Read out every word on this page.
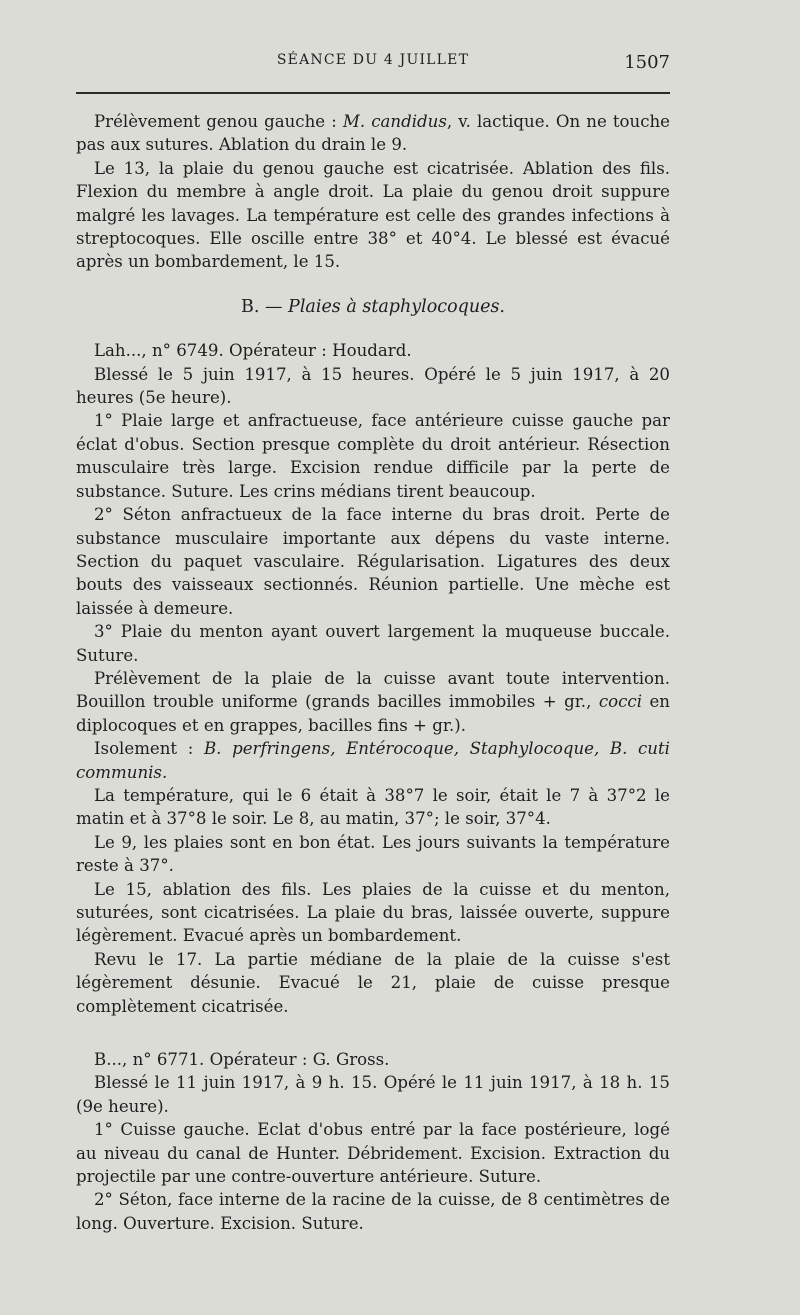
SÉANCE DU 4 JUILLET	1507

Prélèvement genou gauche : M. candidus, v. lactique. On ne touche pas aux sutures. Ablation du drain le 9.

Le 13, la plaie du genou gauche est cicatrisée. Ablation des fils. Flexion du membre à angle droit. La plaie du genou droit suppure malgré les lavages. La température est celle des grandes infections à streptocoques. Elle oscille entre 38° et 40°4. Le blessé est évacué après un bombardement, le 15.

B. — Plaies à staphylocoques.

Lah..., n° 6749. Opérateur : Houdard.

Blessé le 5 juin 1917, à 15 heures. Opéré le 5 juin 1917, à 20 heures (5e heure).

1° Plaie large et anfractueuse, face antérieure cuisse gauche par éclat d'obus. Section presque complète du droit antérieur. Résection musculaire très large. Excision rendue difficile par la perte de substance. Suture. Les crins médians tirent beaucoup.

2° Séton anfractueux de la face interne du bras droit. Perte de substance musculaire importante aux dépens du vaste interne. Section du paquet vasculaire. Régularisation. Ligatures des deux bouts des vaisseaux sectionnés. Réunion partielle. Une mèche est laissée à demeure.

3° Plaie du menton ayant ouvert largement la muqueuse buccale. Suture.

Prélèvement de la plaie de la cuisse avant toute intervention. Bouillon trouble uniforme (grands bacilles immobiles + gr., cocci en diplocoques et en grappes, bacilles fins + gr.).

Isolement : B. perfringens, Entérocoque, Staphylocoque, B. cuti communis.

La température, qui le 6 était à 38°7 le soir, était le 7 à 37°2 le matin et à 37°8 le soir. Le 8, au matin, 37°; le soir, 37°4.

Le 9, les plaies sont en bon état. Les jours suivants la température reste à 37°.

Le 15, ablation des fils. Les plaies de la cuisse et du menton, suturées, sont cicatrisées. La plaie du bras, laissée ouverte, suppure légèrement. Evacué après un bombardement.

Revu le 17. La partie médiane de la plaie de la cuisse s'est légèrement désunie. Evacué le 21, plaie de cuisse presque complètement cicatrisée.

B..., n° 6771. Opérateur : G. Gross.

Blessé le 11 juin 1917, à 9 h. 15. Opéré le 11 juin 1917, à 18 h. 15 (9e heure).

1° Cuisse gauche. Eclat d'obus entré par la face postérieure, logé au niveau du canal de Hunter. Débridement. Excision. Extraction du projectile par une contre-ouverture antérieure. Suture.

2° Séton, face interne de la racine de la cuisse, de 8 centimètres de long. Ouverture. Excision. Suture.
